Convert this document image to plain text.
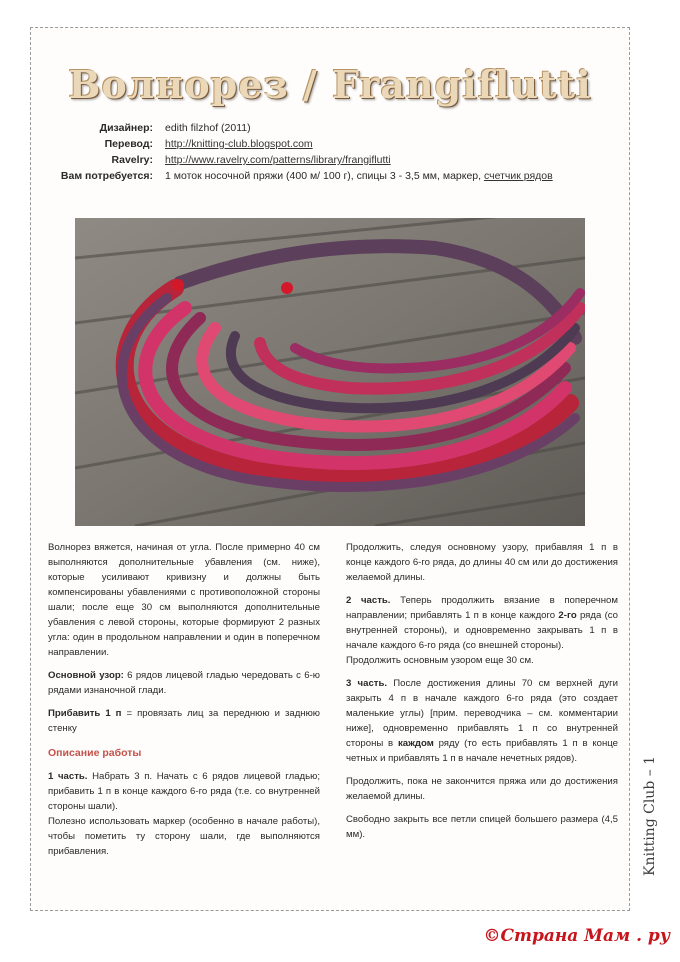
Волнорез / Frangiflutti
Дизайнер:	edith filzhof (2011)
Перевод:	http://knitting-club.blogspot.com
Ravelry:	http://www.ravelry.com/patterns/library/frangiflutti
Вам потребуется:	1 моток носочной пряжи (400 м/ 100 г), спицы 3 - 3,5 мм, маркер, счетчик рядов

Волнорез вяжется, начиная от угла. После примерно 40 см выполняются дополнительные убавления (см. ниже), которые усиливают кривизну и должны быть компенсированы убавлениями с противоположной стороны шали; после еще 30 см выполняются дополнительные убавления с левой стороны, которые формируют 2 разных угла: один в продольном направлении и один в поперечном направлении.

Основной узор: 6 рядов лицевой гладью чередовать с 6-ю рядами изнаночной глади.

Прибавить 1 п = провязать лиц за переднюю и заднюю стенку

Описание работы

1 часть. Набрать 3 п. Начать с 6 рядов лицевой гладью; прибавить 1 п в конце каждого 6-го ряда (т.е. со внутренней стороны шали).

Полезно использовать маркер (особенно в начале работы), чтобы пометить ту сторону шали, где выполняются прибавления.

Продолжить, следуя основному узору, прибавляя 1 п в конце каждого 6-го ряда, до длины 40 см или до достижения желаемой длины.

2 часть. Теперь продолжить вязание в поперечном направлении; прибавлять 1 п в конце каждого 2-го ряда (со внутренней стороны), и одновременно закрывать 1 п в начале каждого 6-го ряда (со внешней стороны).

Продолжить основным узором еще 30 см.

3 часть. После достижения длины 70 см верхней дуги закрыть 4 п в начале каждого 6-го ряда (это создает маленькие углы) [прим. переводчика – см. комментарии ниже], одновременно прибавлять 1 п со внутренней стороны в каждом ряду (то есть прибавлять 1 п в конце четных и прибавлять 1 п в начале нечетных рядов).

Продолжить, пока не закончится пряжа или до достижения желаемой длины.

Свободно закрыть все петли спицей большего размера (4,5 мм).	Knitting Club – 1
©Страна Мам . ру
